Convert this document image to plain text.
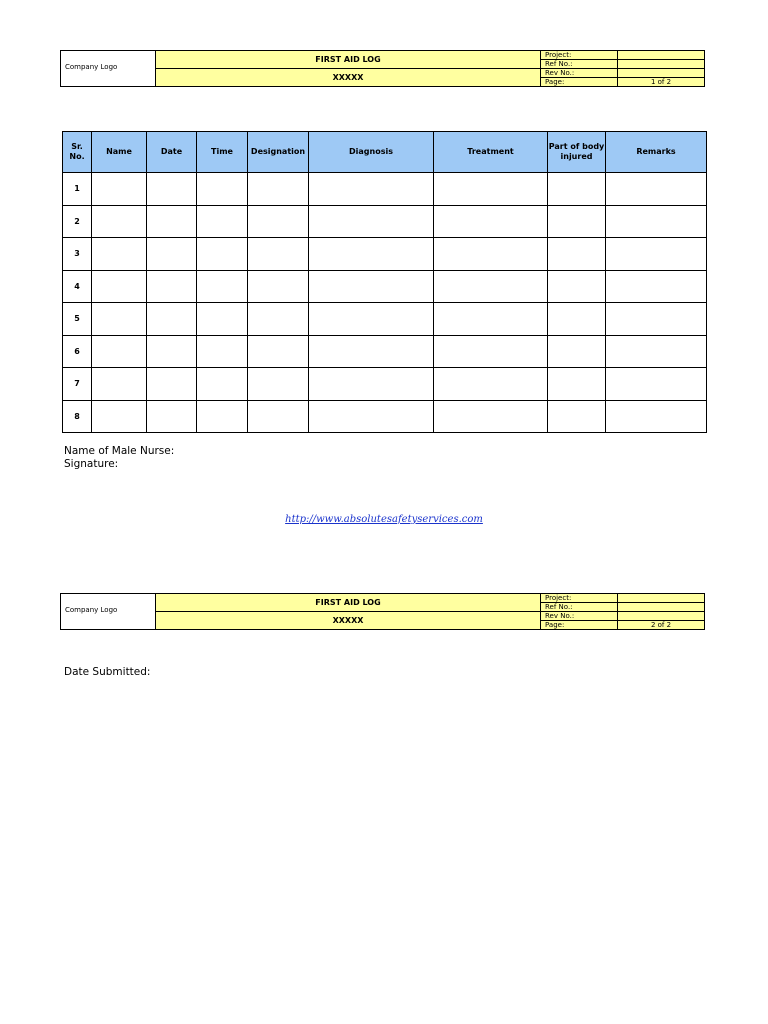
Company Logo	FIRST AID LOG	Project:	
		Ref No.:	
	XXXXX	Rev No.:	
		Page:	1 of 2
Sr. No.	Name	Date	Time	Designation	Diagnosis	Treatment	Part of body injured	Remarks
1								
2								
3								
4								
5								
6								
7								
8								
Name of Male Nurse:
Signature:
http://www.absolutesafetyservices.com
Company Logo	FIRST AID LOG	Project:	
		Ref No.:	
	XXXXX	Rev No.:	
		Page:	2 of 2
Date Submitted:
